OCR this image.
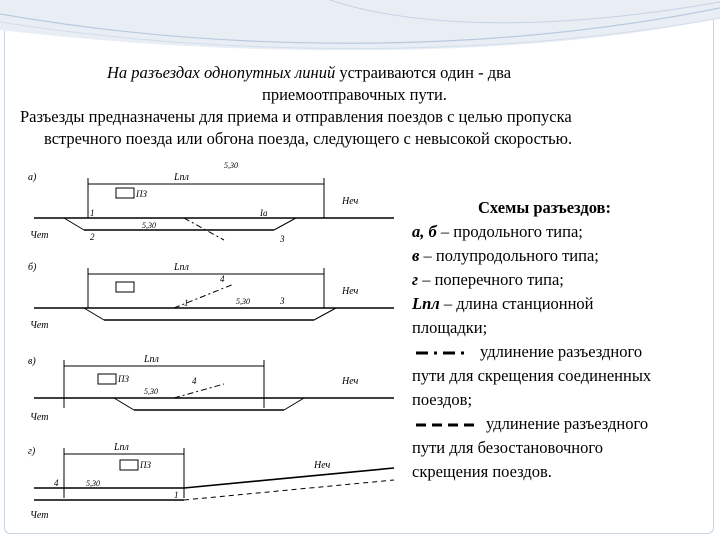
На разъездах однопутных линий устраиваются один - два

приемоотправочных пути.

Разъезды предназначены для приема и отправления поездов с целью пропуска

встречного поезда или обгона поезда, следующего с невысокой скоростью.

а)	Lпл
5,30
ПЗ
1
2
Iа
3
Неч
Чет
5,30
б)	Lпл
4
1	3
5,30
Неч
Чет
в)	Lпл
ПЗ
5,30
4	Неч
Чет
г)	Lпл
ПЗ
4	5,30
1
Неч
Чет
Схемы разъездов:
а, б – продольного типа;
в – полупродольного типа;
г – поперечного типа;
Lпл – длина станционной
площадки;
удлинение разъездного
пути для скрещения соединенных
поездов;
удлинение разъездного
пути для безостановочного
скрещения поездов.
